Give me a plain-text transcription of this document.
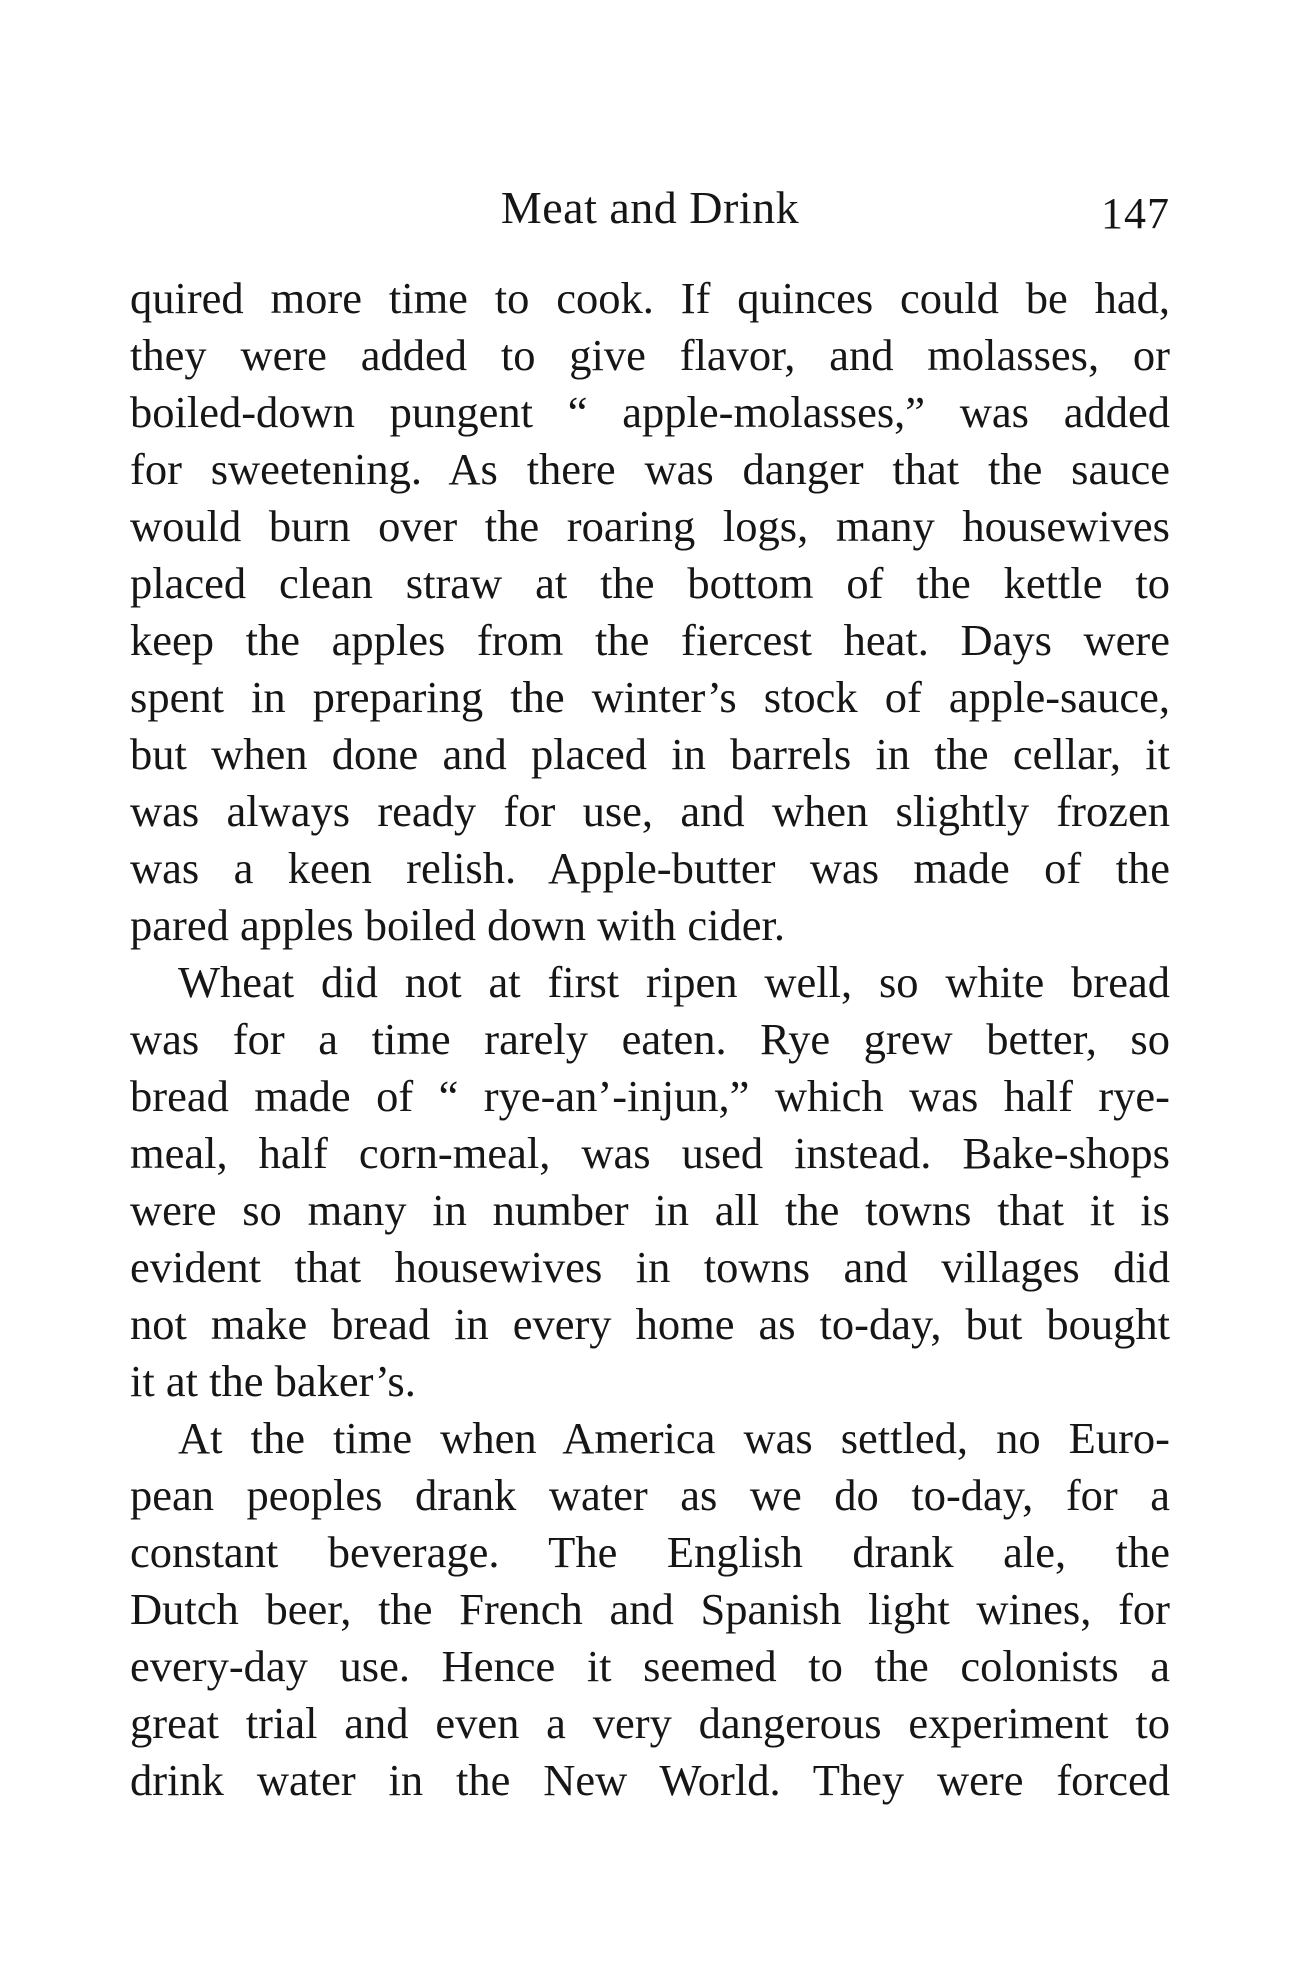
Meat and Drink	147
quired more time to cook. If quinces could be had,
they were added to give flavor, and molasses, or
boiled-down pungent “ apple-molasses,” was added
for sweetening. As there was danger that the sauce
would burn over the roaring logs, many housewives
placed clean straw at the bottom of the kettle to
keep the apples from the fiercest heat. Days were
spent in preparing the winter’s stock of apple-sauce,
but when done and placed in barrels in the cellar, it
was always ready for use, and when slightly frozen
was a keen relish. Apple-butter was made of the
pared apples boiled down with cider.
Wheat did not at first ripen well, so white bread
was for a time rarely eaten. Rye grew better, so
bread made of “ rye-an’-injun,” which was half rye-
meal, half corn-meal, was used instead. Bake-shops
were so many in number in all the towns that it is
evident that housewives in towns and villages did
not make bread in every home as to-day, but bought
it at the baker’s.
At the time when America was settled, no Euro-
pean peoples drank water as we do to-day, for a
constant beverage. The English drank ale, the
Dutch beer, the French and Spanish light wines, for
every-day use. Hence it seemed to the colonists a
great trial and even a very dangerous experiment to
drink water in the New World. They were forced
